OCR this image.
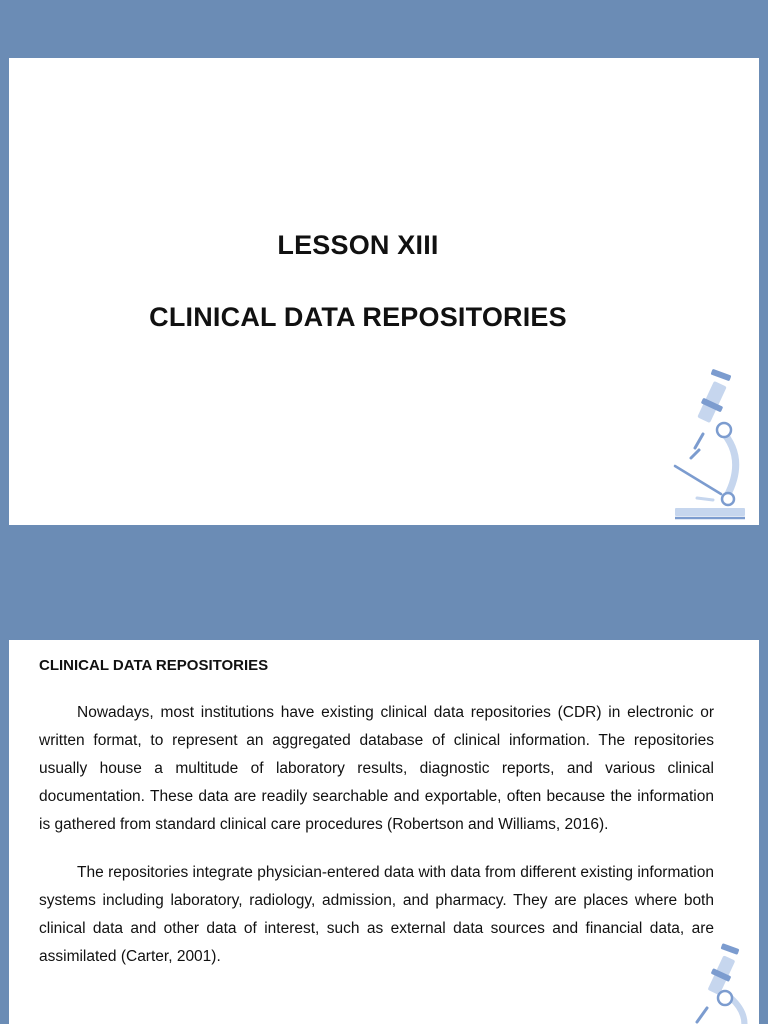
LESSON XIII
CLINICAL DATA REPOSITORIES
CLINICAL DATA REPOSITORIES

Nowadays, most institutions have existing clinical data repositories (CDR) in electronic or written format, to represent an aggregated database of clinical information. The repositories usually house a multitude of laboratory results, diagnostic reports, and various clinical documentation. These data are readily searchable and exportable, often because the information is gathered from standard clinical care procedures (Robertson and Williams, 2016).

The repositories integrate physician-entered data with data from different existing information systems including laboratory, radiology, admission, and pharmacy. They are places where both clinical data and other data of interest, such as external data sources and financial data, are assimilated (Carter, 2001).
